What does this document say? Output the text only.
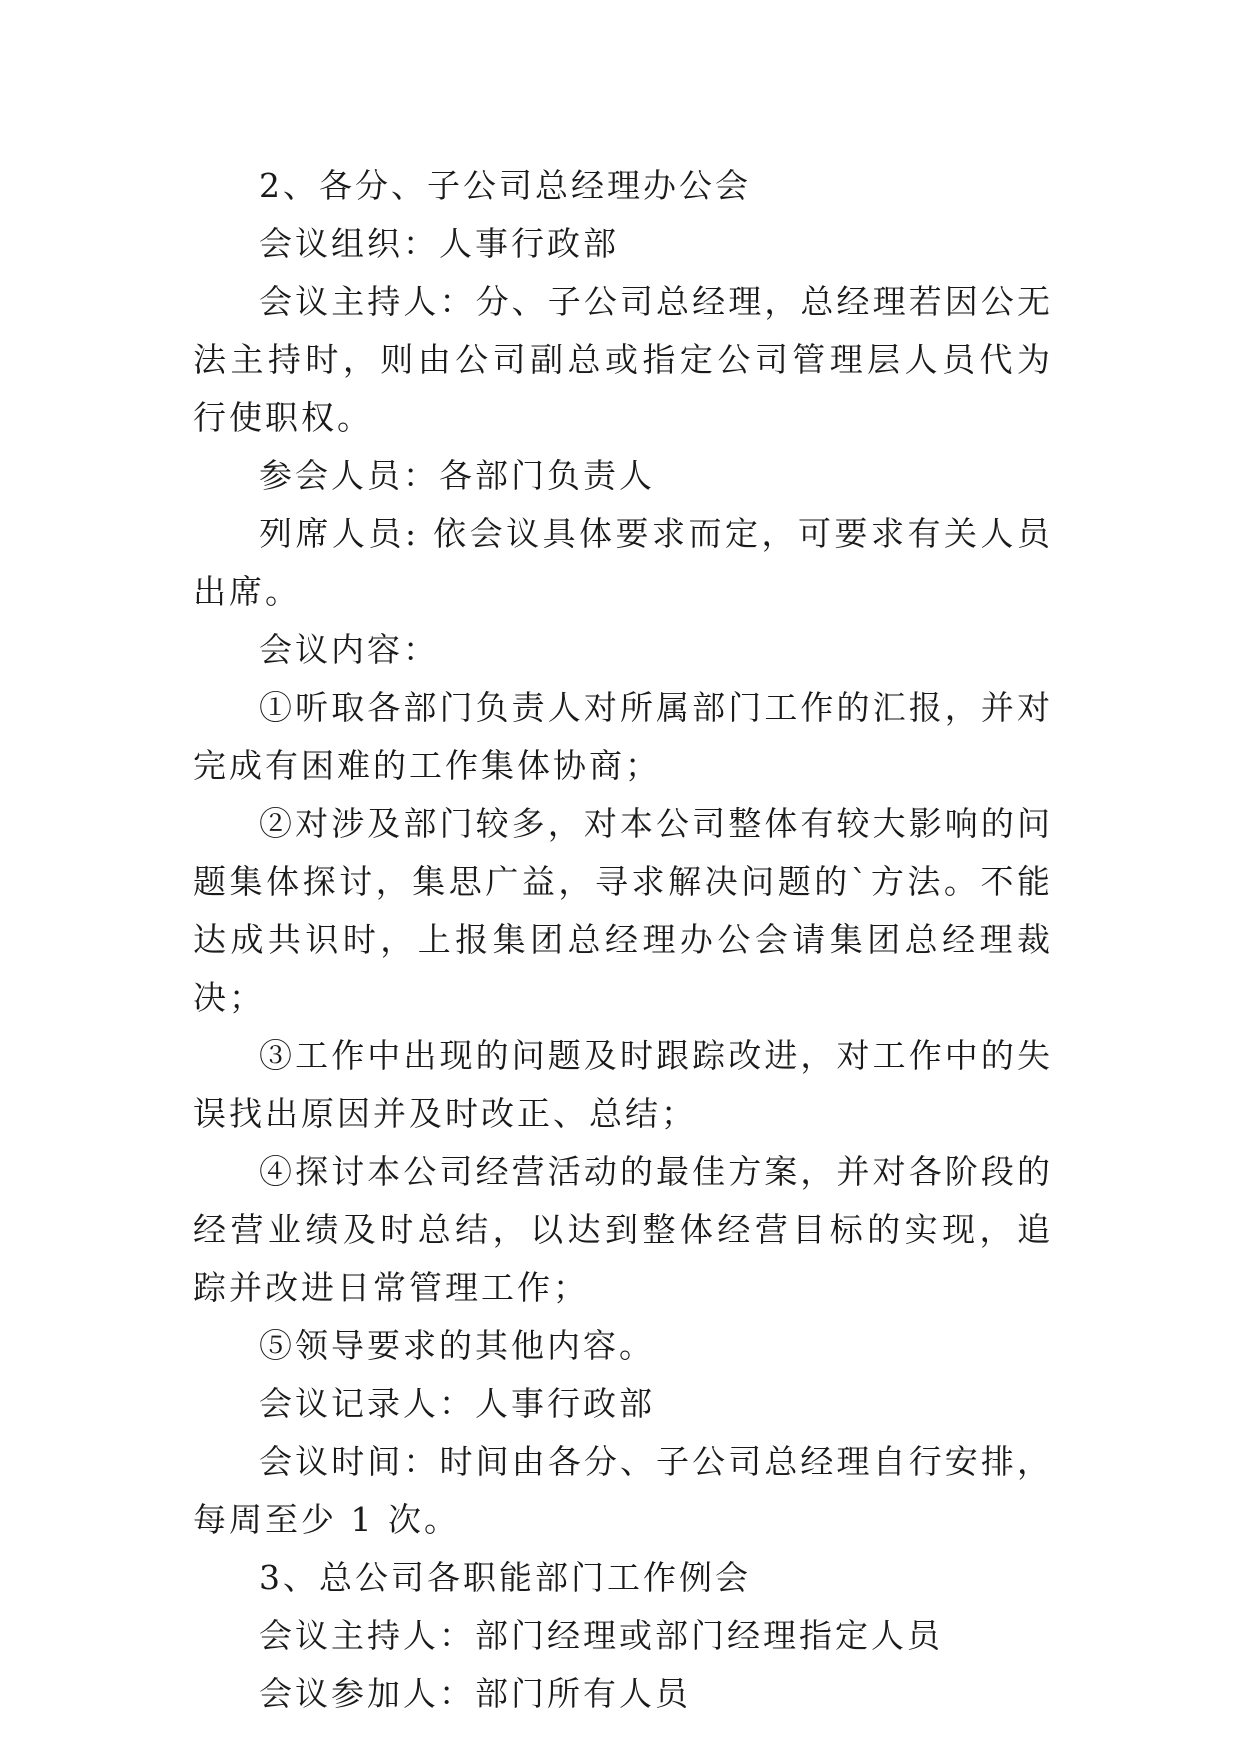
2、各分、子公司总经理办公会

会议组织：人事行政部

会议主持人：分、子公司总经理，总经理若因公无法主持时，则由公司副总或指定公司管理层人员代为行使职权。

参会人员：各部门负责人

列席人员: 依会议具体要求而定，可要求有关人员出席。

会议内容：

①听取各部门负责人对所属部门工作的汇报，并对完成有困难的工作集体协商；

②对涉及部门较多，对本公司整体有较大影响的问题集体探讨，集思广益，寻求解决问题的`方法。不能达成共识时，上报集团总经理办公会请集团总经理裁决；

③工作中出现的问题及时跟踪改进，对工作中的失误找出原因并及时改正、总结；

④探讨本公司经营活动的最佳方案，并对各阶段的经营业绩及时总结，以达到整体经营目标的实现，追踪并改进日常管理工作；

⑤领导要求的其他内容。

会议记录人：人事行政部

会议时间：时间由各分、子公司总经理自行安排，每周至少 1 次。

3、总公司各职能部门工作例会

会议主持人：部门经理或部门经理指定人员

会议参加人：部门所有人员
